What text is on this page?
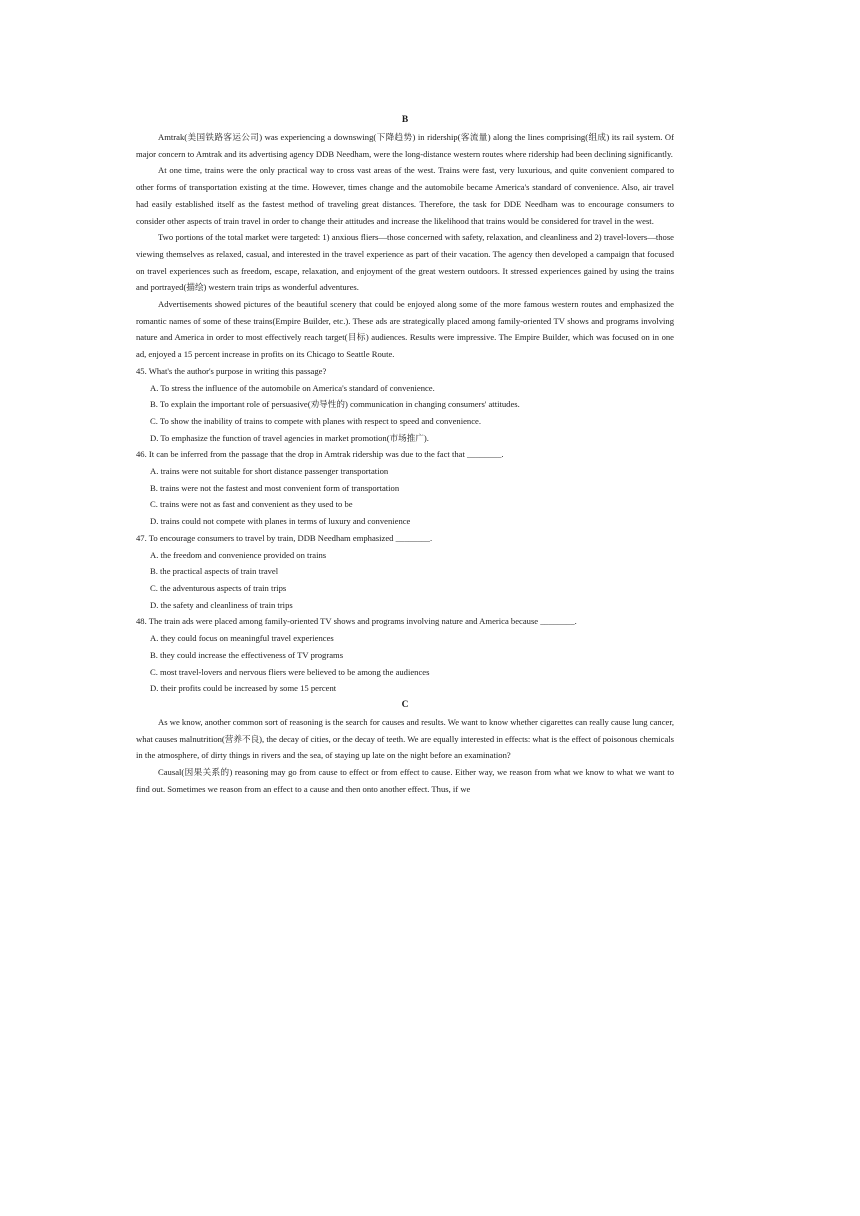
B

Amtrak(美国铁路客运公司) was experiencing a downswing(下降趋势) in ridership(客流量) along the lines comprising(组成) its rail system. Of major concern to Amtrak and its advertising agency DDB Needham, were the long-distance western routes where ridership had been declining significantly.

At one time, trains were the only practical way to cross vast areas of the west. Trains were fast, very luxurious, and quite convenient compared to other forms of transportation existing at the time. However, times change and the automobile became America's standard of convenience. Also, air travel had easily established itself as the fastest method of traveling great distances. Therefore, the task for DDE Needham was to encourage consumers to consider other aspects of train travel in order to change their attitudes and increase the likelihood that trains would be considered for travel in the west.

Two portions of the total market were targeted: 1) anxious fliers—those concerned with safety, relaxation, and cleanliness and 2) travel-lovers—those viewing themselves as relaxed, casual, and interested in the travel experience as part of their vacation. The agency then developed a campaign that focused on travel experiences such as freedom, escape, relaxation, and enjoyment of the great western outdoors. It stressed experiences gained by using the trains and portrayed(描绘) western train trips as wonderful adventures.

Advertisements showed pictures of the beautiful scenery that could be enjoyed along some of the more famous western routes and emphasized the romantic names of some of these trains(Empire Builder, etc.). These ads are strategically placed among family-oriented TV shows and programs involving nature and America in order to most effectively reach target(目标) audiences. Results were impressive. The Empire Builder, which was focused on in one ad, enjoyed a 15 percent increase in profits on its Chicago to Seattle Route.

45. What's the author's purpose in writing this passage?

A. To stress the influence of the automobile on America's standard of convenience.

B. To explain the important role of persuasive(劝导性的) communication in changing consumers' attitudes.

C. To show the inability of trains to compete with planes with respect to speed and convenience.

D. To emphasize the function of travel agencies in market promotion(市场推广).

46. It can be inferred from the passage that the drop in Amtrak ridership was due to the fact that ________.

A. trains were not suitable for short distance passenger transportation

B. trains were not the fastest and most convenient form of transportation

C. trains were not as fast and convenient as they used to be

D. trains could not compete with planes in terms of luxury and convenience

47. To encourage consumers to travel by train, DDB Needham emphasized ________.

A. the freedom and convenience provided on trains

B. the practical aspects of train travel

C. the adventurous aspects of train trips

D. the safety and cleanliness of train trips

48. The train ads were placed among family-oriented TV shows and programs involving nature and America because ________.

A. they could focus on meaningful travel experiences

B. they could increase the effectiveness of TV programs

C. most travel-lovers and nervous fliers were believed to be among the audiences

D. their profits could be increased by some 15 percent

C

As we know, another common sort of reasoning is the search for causes and results. We want to know whether cigarettes can really cause lung cancer, what causes malnutrition(营养不良), the decay of cities, or the decay of teeth. We are equally interested in effects: what is the effect of poisonous chemicals in the atmosphere, of dirty things in rivers and the sea, of staying up late on the night before an examination?

Causal(因果关系的) reasoning may go from cause to effect or from effect to cause. Either way, we reason from what we know to what we want to find out. Sometimes we reason from an effect to a cause and then onto another effect. Thus, if we
